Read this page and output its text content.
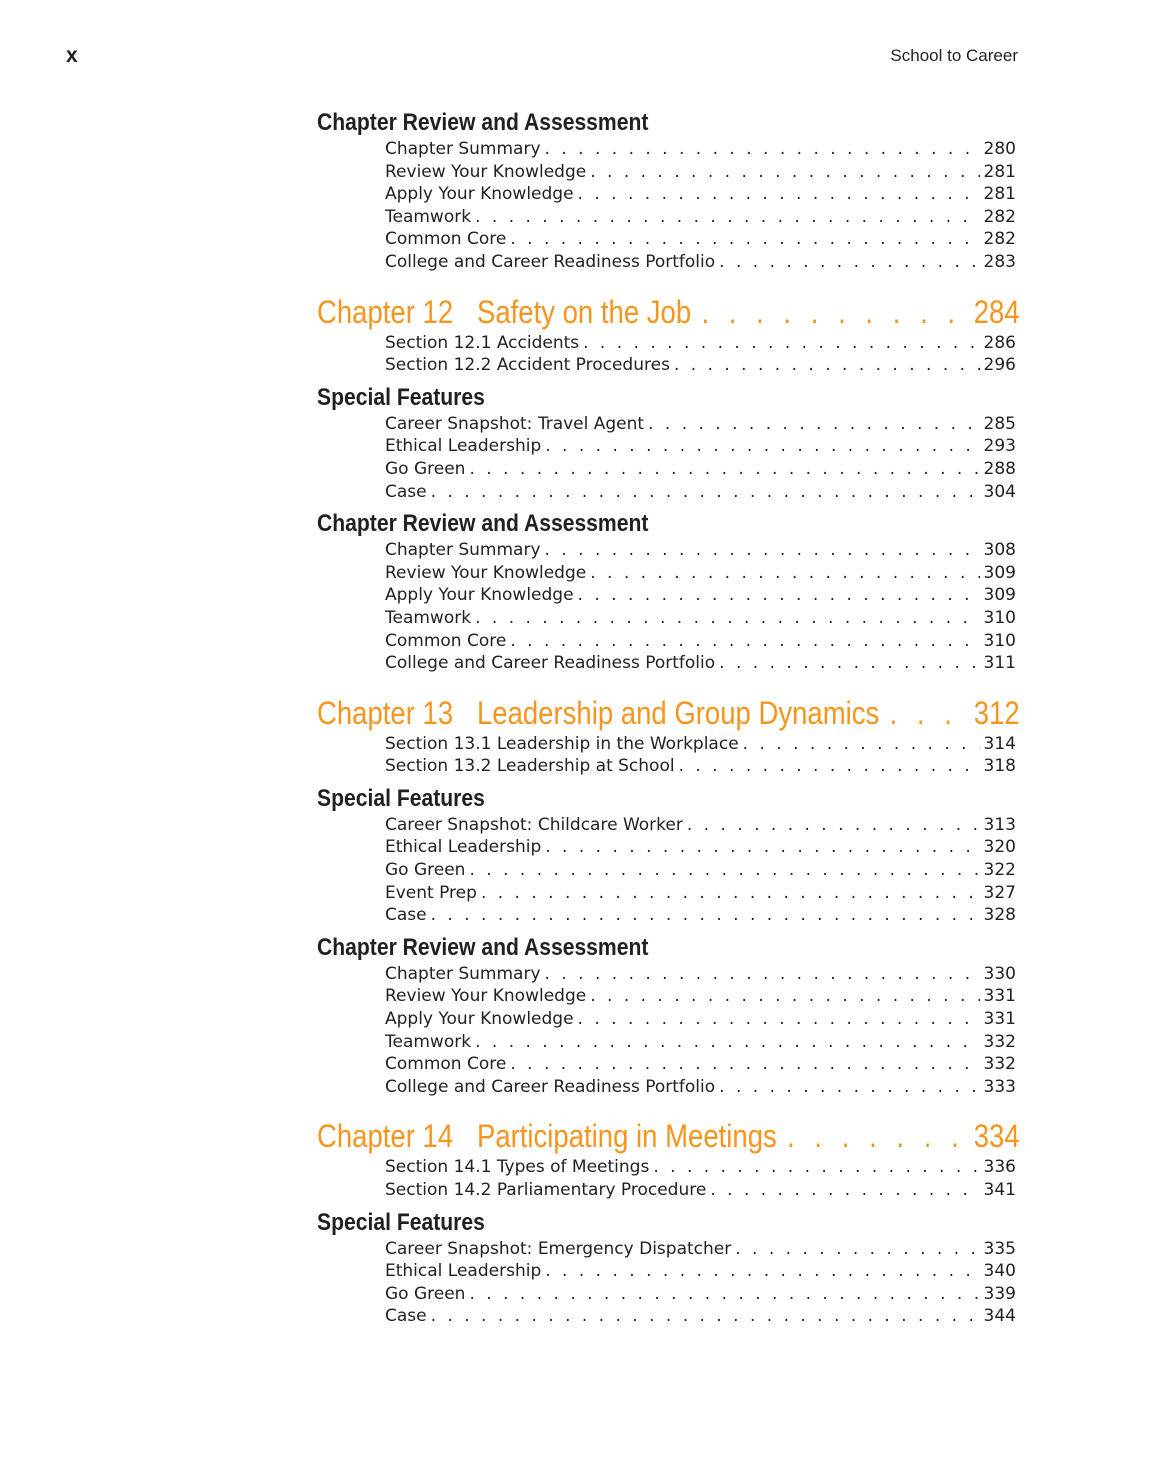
x	School to Career
Chapter Review and Assessment
Chapter Summary . . .	280
Review Your Knowledge . . .	281
Apply Your Knowledge . . .	281
Teamwork . . .	282
Common Core . . .	282
College and Career Readiness Portfolio . . .	283
Chapter 12 Safety on the Job . . .	284
Section 12.1 Accidents . . .	286
Section 12.2 Accident Procedures . . .	296
Special Features
Career Snapshot: Travel Agent . . .	285
Ethical Leadership . . .	293
Go Green . . .	288
Case . . .	304
Chapter Review and Assessment
Chapter Summary . . .	308
Review Your Knowledge . . .	309
Apply Your Knowledge . . .	309
Teamwork . . .	310
Common Core . . .	310
College and Career Readiness Portfolio . . .	311
Chapter 13 Leadership and Group Dynamics . . .	312
Section 13.1 Leadership in the Workplace . . .	314
Section 13.2 Leadership at School . . .	318
Special Features
Career Snapshot: Childcare Worker . . .	313
Ethical Leadership . . .	320
Go Green . . .	322
Event Prep . . .	327
Case . . .	328
Chapter Review and Assessment
Chapter Summary . . .	330
Review Your Knowledge . . .	331
Apply Your Knowledge . . .	331
Teamwork . . .	332
Common Core . . .	332
College and Career Readiness Portfolio . . .	333
Chapter 14 Participating in Meetings . . .	334
Section 14.1 Types of Meetings . . .	336
Section 14.2 Parliamentary Procedure . . .	341
Special Features
Career Snapshot: Emergency Dispatcher . . .	335
Ethical Leadership . . .	340
Go Green . . .	339
Case . . .	344
